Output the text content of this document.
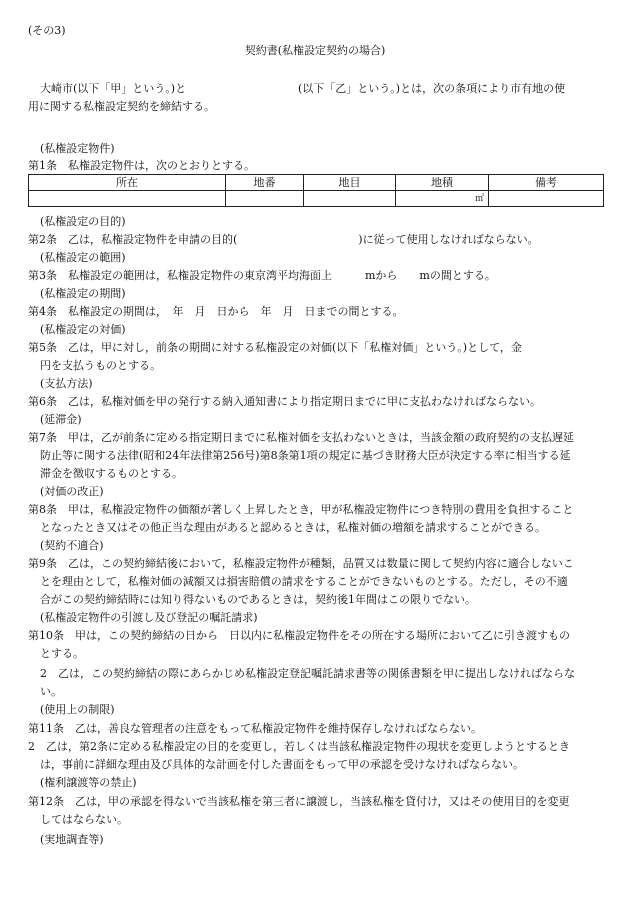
(その3)
契約書(私権設定契約の場合)
大崎市(以下「甲」という。)と	(以下「乙」という。)とは，次の条項により市有地の使
用に関する私権設定契約を締結する。
所在	地番	地目	地積	備考
			㎡	
(私権設定物件)
第1条　私権設定物件は，次のとおりとする。
(私権設定の目的)
第2条　乙は，私権設定物件を申請の目的(　　　　　　　　　　　)に従って使用しなければならない。
(私権設定の範囲)
第3条　私権設定の範囲は，私権設定物件の東京湾平均海面上　　　mから　　mの間とする。
(私権設定の期間)
第4条　私権設定の期間は，　年　月　日から　年　月　日までの間とする。
(私権設定の対価)
第5条　乙は，甲に対し，前条の期間に対する私権設定の対価(以下「私権対価」という。)として，金
円を支払うものとする。
(支払方法)
第6条　乙は，私権対価を甲の発行する納入通知書により指定期日までに甲に支払わなければならない。
(延滞金)
第7条　甲は，乙が前条に定める指定期日までに私権対価を支払わないときは，当該金額の政府契約の支払遅延
防止等に関する法律(昭和24年法律第256号)第8条第1項の規定に基づき財務大臣が決定する率に相当する延
滞金を徴収するものとする。
(対価の改正)
第8条　甲は，私権設定物件の価額が著しく上昇したとき，甲が私権設定物件につき特別の費用を負担すること
となったとき又はその他正当な理由があると認めるときは，私権対価の増額を請求することができる。
(契約不適合)
第9条　乙は，この契約締結後において，私権設定物件が種類，品質又は数量に関して契約内容に適合しないこ
とを理由として，私権対価の減額又は損害賠償の請求をすることができないものとする。ただし，その不適
合がこの契約締結時には知り得ないものであるときは，契約後1年間はこの限りでない。
(私権設定物件の引渡し及び登記の嘱託請求)
第10条　甲は，この契約締結の日から　日以内に私権設定物件をその所在する場所において乙に引き渡すもの
とする。
2　乙は，この契約締結の際にあらかじめ私権設定登記嘱託請求書等の関係書類を甲に提出しなければならな
い。
(使用上の制限)
第11条　乙は，善良な管理者の注意をもって私権設定物件を維持保存しなければならない。
2　乙は，第2条に定める私権設定の目的を変更し，若しくは当該私権設定物件の現状を変更しようとするとき
は，事前に詳細な理由及び具体的な計画を付した書面をもって甲の承認を受けなければならない。
(権利譲渡等の禁止)
第12条　乙は，甲の承認を得ないで当該私権を第三者に譲渡し，当該私権を貸付け，又はその使用目的を変更
してはならない。
(実地調査等)
